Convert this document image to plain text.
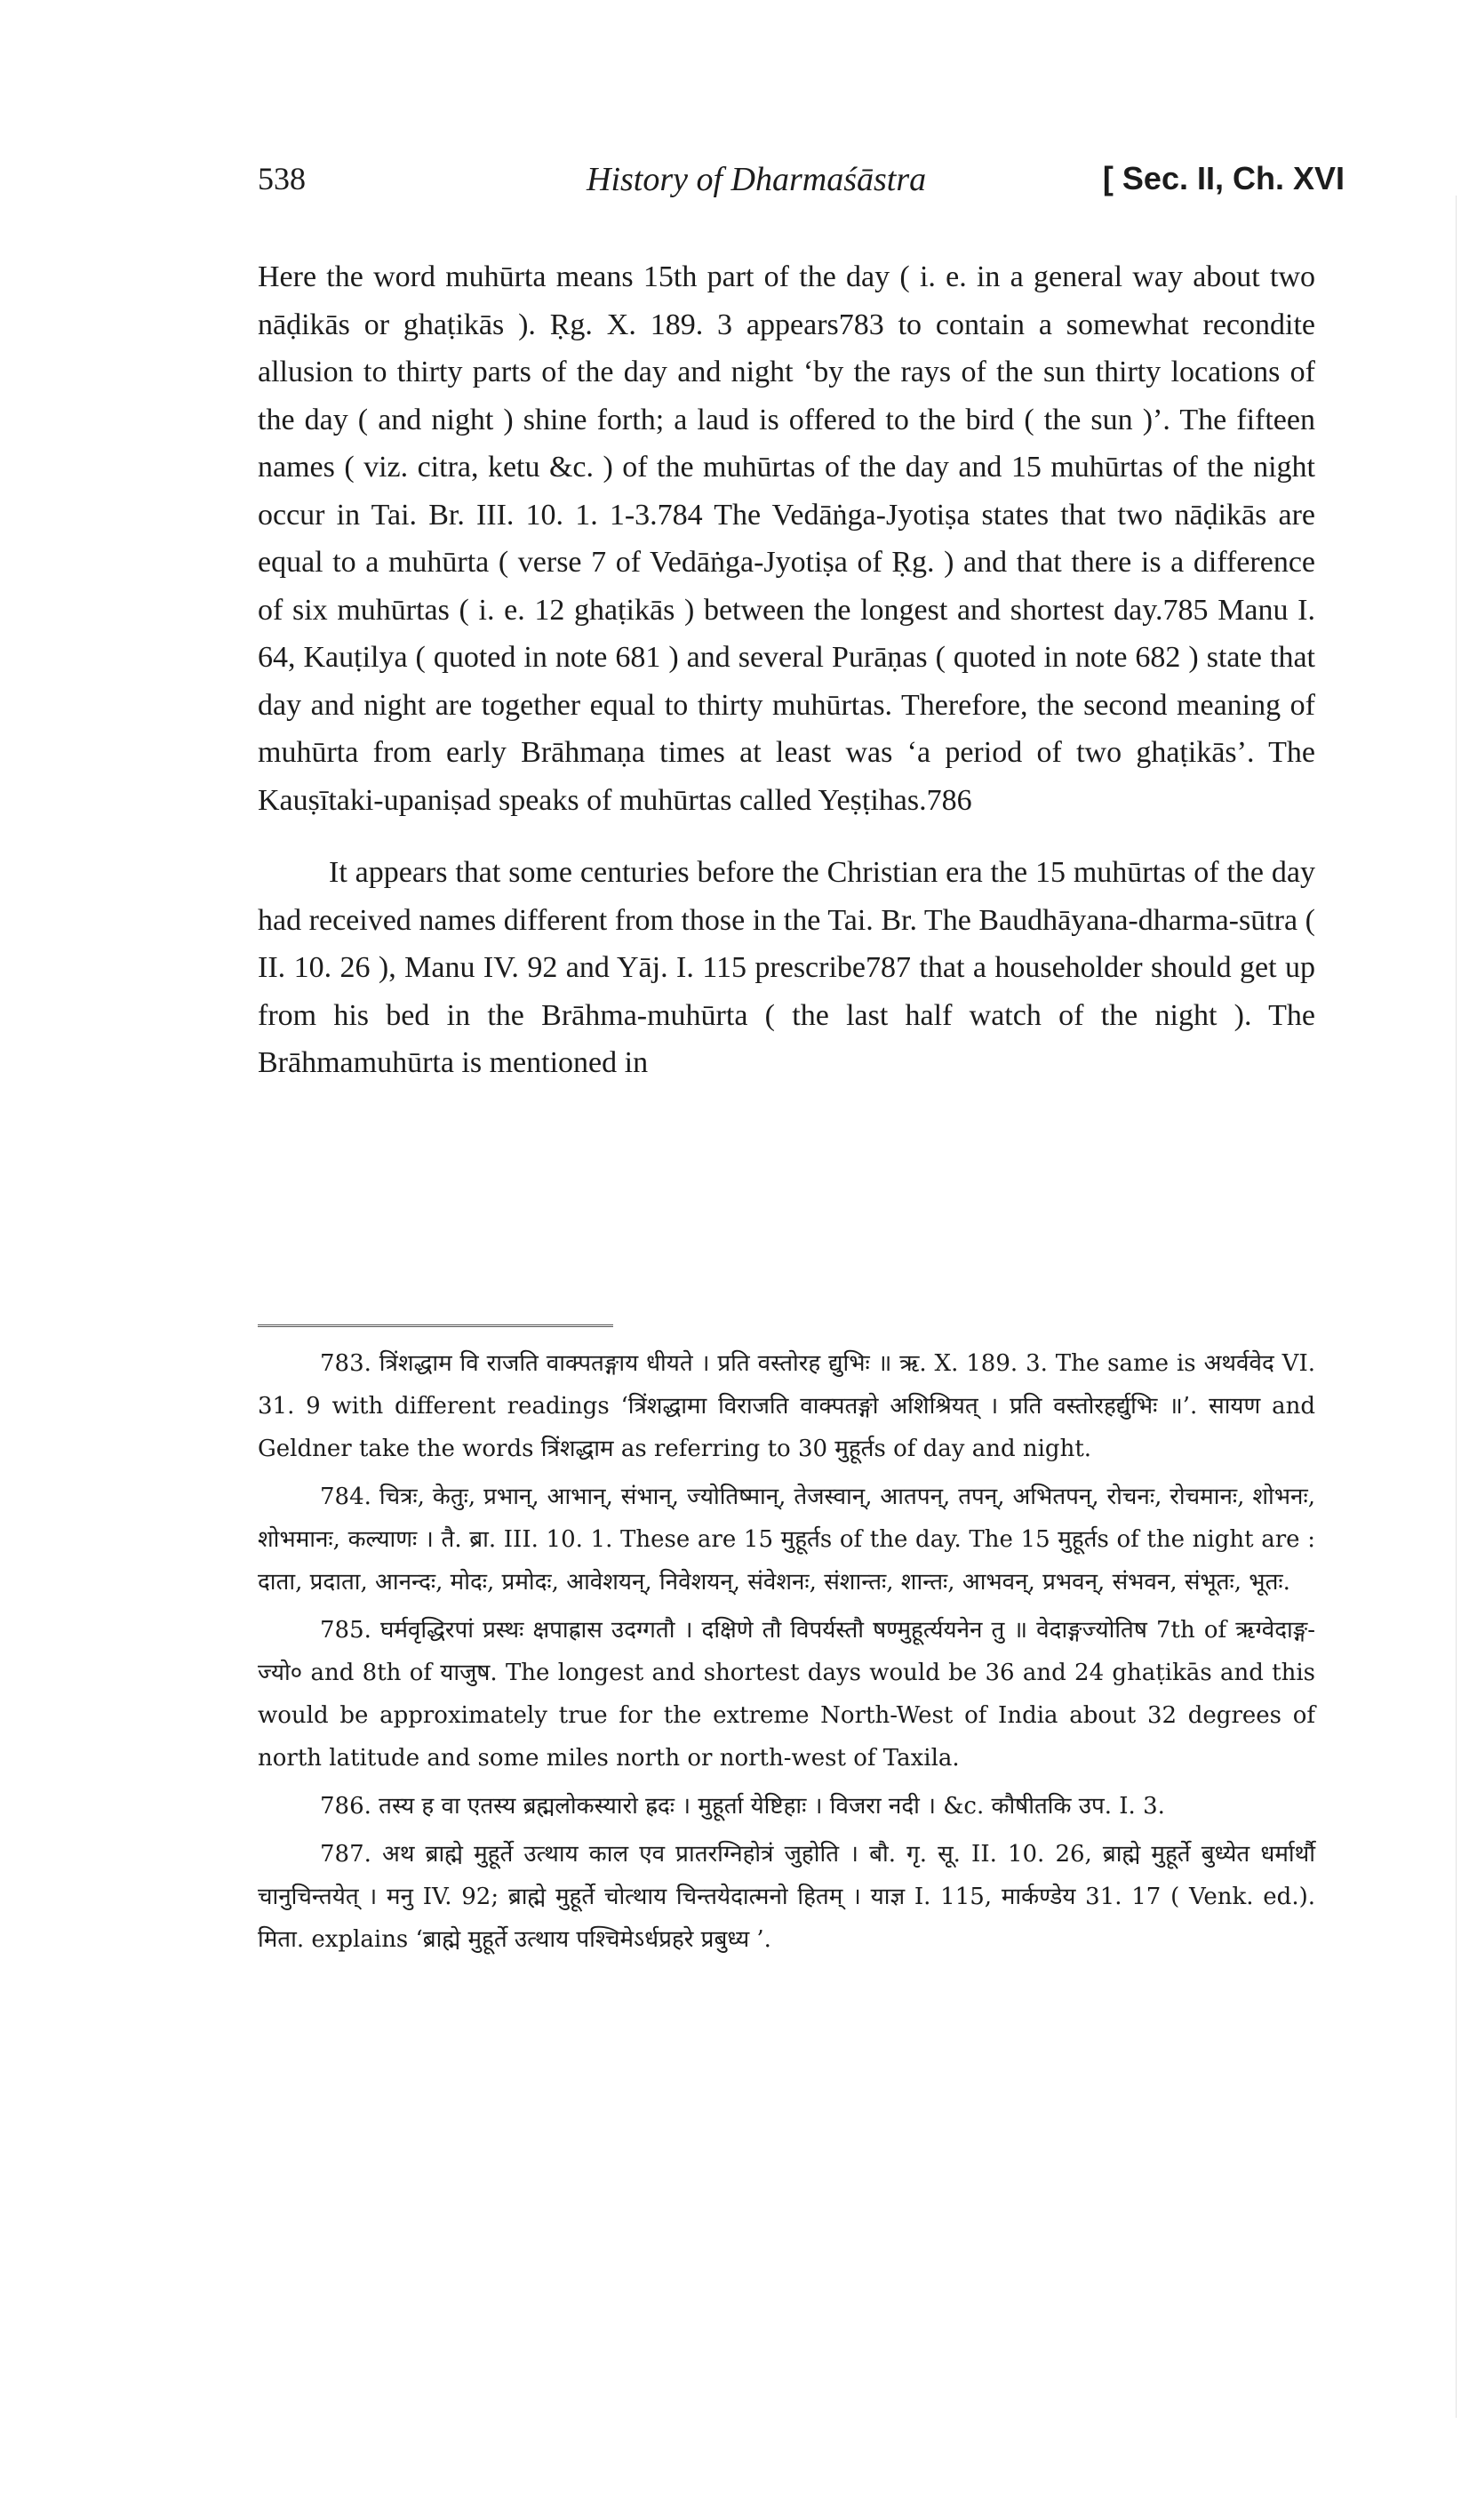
538	History of Dharmaśāstra	[ Sec. II, Ch. XVI

Here the word muhūrta means 15th part of the day ( i. e. in a general way about two nāḍikās or ghaṭikās ). Ṛg. X. 189. 3 appears783 to contain a somewhat recondite allusion to thirty parts of the day and night ‘by the rays of the sun thirty locations of the day ( and night ) shine forth; a laud is offered to the bird ( the sun )’. The fifteen names ( viz. citra, ketu &c. ) of the muhūrtas of the day and 15 muhūrtas of the night occur in Tai. Br. III. 10. 1. 1-3.784 The Vedāṅga-Jyotiṣa states that two nāḍikās are equal to a muhūrta ( verse 7 of Vedāṅga-Jyotiṣa of Ṛg. ) and that there is a difference of six muhūrtas ( i. e. 12 ghaṭikās ) between the longest and shortest day.785 Manu I. 64, Kauṭilya ( quoted in note 681 ) and several Purāṇas ( quoted in note 682 ) state that day and night are together equal to thirty muhūrtas. Therefore, the second meaning of muhūrta from early Brāhmaṇa times at least was ‘a period of two ghaṭikās’. The Kauṣītaki-upaniṣad speaks of muhūrtas called Yeṣṭihas.786

It appears that some centuries before the Christian era the 15 muhūrtas of the day had received names different from those in the Tai. Br. The Baudhāyana-dharma-sūtra ( II. 10. 26 ), Manu IV. 92 and Yāj. I. 115 prescribe787 that a householder should get up from his bed in the Brāhma-muhūrta ( the last half watch of the night ). The Brāhmamuhūrta is mentioned in

783. त्रिंशद्धाम वि राजति वाक्पतङ्गाय धीयते । प्रति वस्तोरह द्युभिः ॥ ऋ. X. 189. 3. The same is अथर्ववेद VI. 31. 9 with different readings ‘त्रिंशद्धामा विराजति वाक्पतङ्गो अशिश्रियत् । प्रति वस्तोरहर्द्युभिः ॥’. सायण and Geldner take the words त्रिंशद्धाम as referring to 30 मुहूर्तs of day and night.

784. चित्रः, केतुः, प्रभान्, आभान्, संभान्, ज्योतिष्मान्, तेजस्वान्, आतपन्, तपन्, अभितपन्, रोचनः, रोचमानः, शोभनः, शोभमानः, कल्याणः । तै. ब्रा. III. 10. 1. These are 15 मुहूर्तs of the day. The 15 मुहूर्तs of the night are : दाता, प्रदाता, आनन्दः, मोदः, प्रमोदः, आवेशयन्, निवेशयन्, संवेशनः, संशान्तः, शान्तः, आभवन्, प्रभवन्, संभवन, संभूतः, भूतः.

785. घर्मवृद्धिरपां प्रस्थः क्षपाह्रास उदग्गतौ । दक्षिणे तौ विपर्यस्तौ षण्मुहूर्त्ययनेन तु ॥ वेदाङ्गज्योतिष 7th of ऋग्वेदाङ्ग-ज्यो० and 8th of याजुष. The longest and shortest days would be 36 and 24 ghaṭikās and this would be approximately true for the extreme North-West of India about 32 degrees of north latitude and some miles north or north-west of Taxila.

786. तस्य ह वा एतस्य ब्रह्मलोकस्यारो ह्रदः । मुहूर्ता येष्टिहाः । विजरा नदी । &c. कौषीतकि उप. I. 3.

787. अथ ब्राह्मे मुहूर्ते उत्थाय काल एव प्रातरग्निहोत्रं जुहोति । बौ. गृ. सू. II. 10. 26, ब्राह्मे मुहूर्ते बुध्येत धर्मार्थौ चानुचिन्तयेत् । मनु IV. 92; ब्राह्मे मुहूर्ते चोत्थाय चिन्तयेदात्मनो हितम् । याज्ञ I. 115, मार्कण्डेय 31. 17 ( Venk. ed.). मिता. explains ‘ब्राह्मे मुहूर्ते उत्थाय पश्चिमेऽर्धप्रहरे प्रबुध्य ’.
